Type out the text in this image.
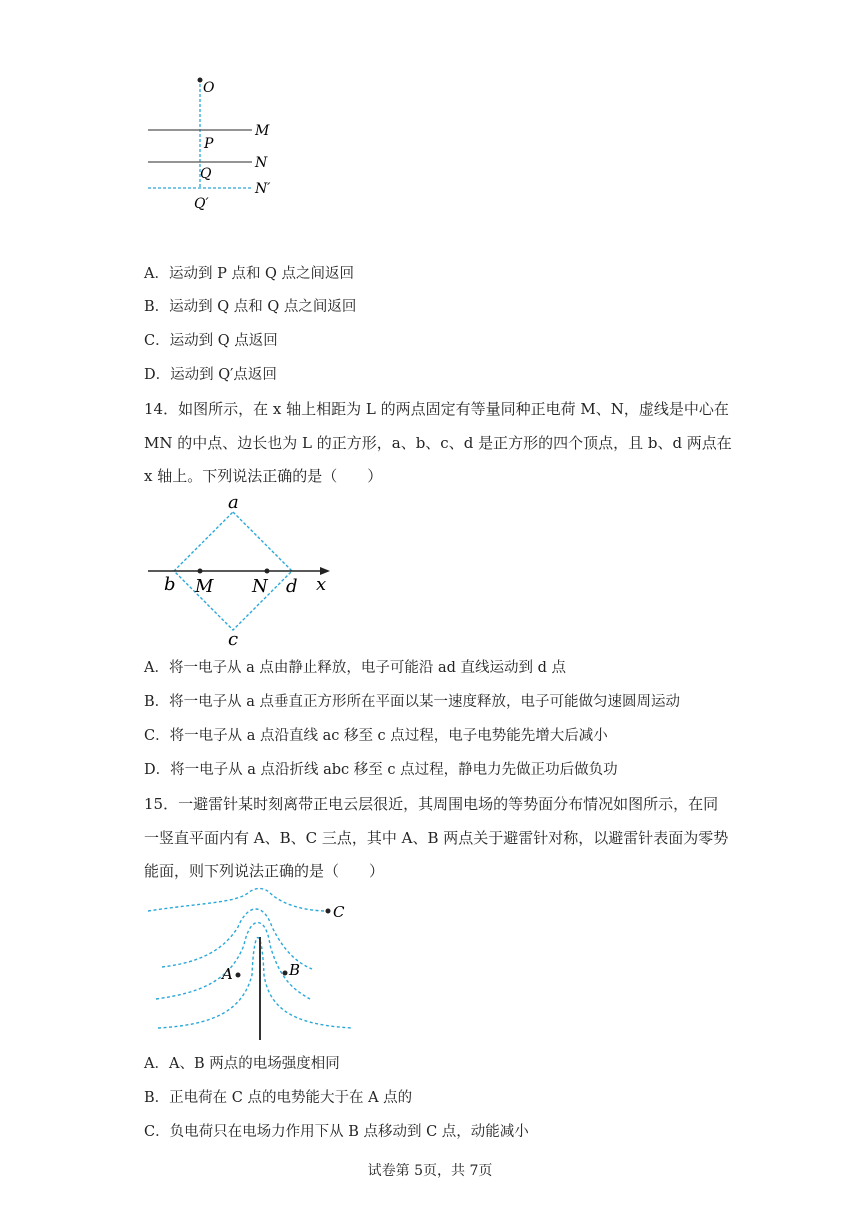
O
M
P
N
Q
N′
Q′
A．运动到 P 点和 Q 点之间返回
B．运动到 Q 点和 Q 点之间返回
C．运动到 Q 点返回
D．运动到 Q′点返回
14．如图所示，在 x 轴上相距为 L 的两点固定有等量同种正电荷 M、N，虚线是中心在
MN 的中点、边长也为 L 的正方形，a、b、c、d 是正方形的四个顶点，且 b、d 两点在
x 轴上。下列说法正确的是（　　）
a
b M N d x
c
A．将一电子从 a 点由静止释放，电子可能沿 ad 直线运动到 d 点
B．将一电子从 a 点垂直正方形所在平面以某一速度释放，电子可能做匀速圆周运动
C．将一电子从 a 点沿直线 ac 移至 c 点过程，电子电势能先增大后减小
D．将一电子从 a 点沿折线 abc 移至 c 点过程，静电力先做正功后做负功
15．一避雷针某时刻离带正电云层很近，其周围电场的等势面分布情况如图所示，在同
一竖直平面内有 A、B、C 三点，其中 A、B 两点关于避雷针对称，以避雷针表面为零势
能面，则下列说法正确的是（　　）
A	B
C
A．A、B 两点的电场强度相同
B．正电荷在 C 点的电势能大于在 A 点的
C．负电荷只在电场力作用下从 B 点移动到 C 点，动能减小
试卷第 5页，共 7页
